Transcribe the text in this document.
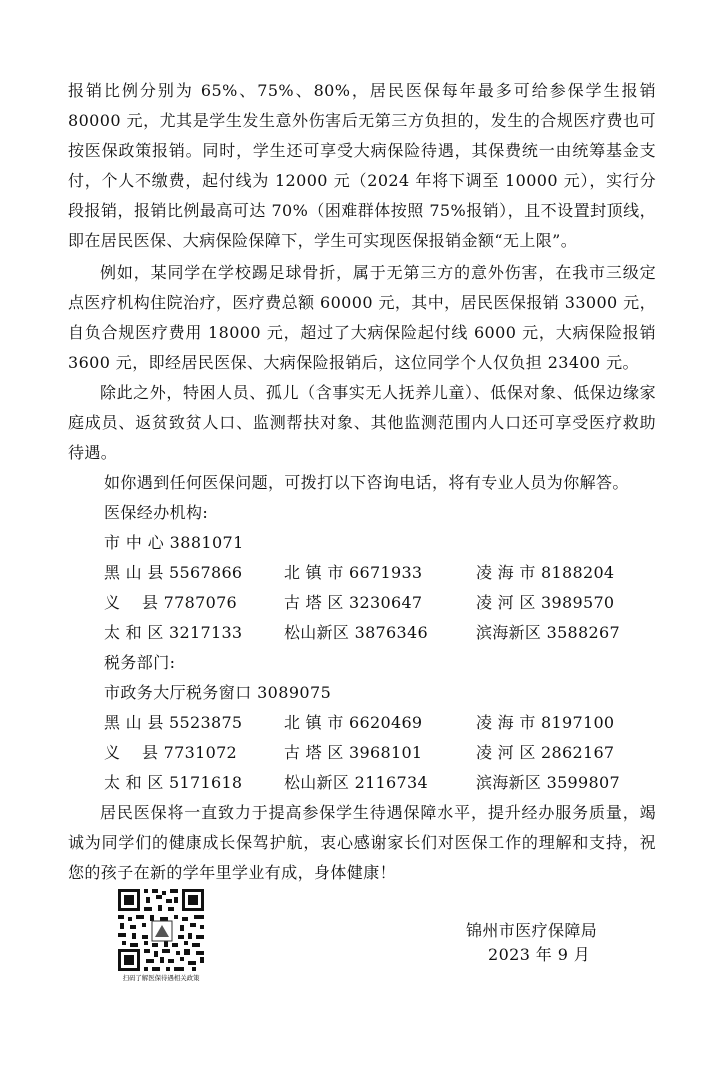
报销比例分别为 65%、75%、80%，居民医保每年最多可给参保学生报销 80000 元，尤其是学生发生意外伤害后无第三方负担的，发生的合规医疗费也可按医保政策报销。同时，学生还可享受大病保险待遇，其保费统一由统筹基金支付，个人不缴费，起付线为 12000 元（2024 年将下调至 10000 元），实行分段报销，报销比例最高可达 70%（困难群体按照 75%报销），且不设置封顶线，即在居民医保、大病保险保障下，学生可实现医保报销金额“无上限”。

例如，某同学在学校踢足球骨折，属于无第三方的意外伤害，在我市三级定点医疗机构住院治疗，医疗费总额 60000 元，其中，居民医保报销 33000 元，自负合规医疗费用 18000 元，超过了大病保险起付线 6000 元，大病保险报销 3600 元，即经居民医保、大病保险报销后，这位同学个人仅负担 23400 元。

除此之外，特困人员、孤儿（含事实无人抚养儿童）、低保对象、低保边缘家庭成员、返贫致贫人口、监测帮扶对象、其他监测范围内人口还可享受医疗救助待遇。

如你遇到任何医保问题，可拨打以下咨询电话，将有专业人员为你解答。

医保经办机构:

市 中 心 3881071

黑 山 县 5567866	北 镇 市 6671933	凌 海 市 8188204
义　 县 7787076	古 塔 区 3230647	凌 河 区 3989570
太 和 区 3217133	松山新区 3876346	滨海新区 3588267

税务部门:

市政务大厅税务窗口 3089075

黑 山 县 5523875	北 镇 市 6620469	凌 海 市 8197100
义　 县 7731072	古 塔 区 3968101	凌 河 区 2862167
太 和 区 5171618	松山新区 2116734	滨海新区 3599807

居民医保将一直致力于提高参保学生待遇保障水平，提升经办服务质量，竭诚为同学们的健康成长保驾护航，衷心感谢家长们对医保工作的理解和支持，祝您的孩子在新的学年里学业有成，身体健康！

扫码了解医保待遇相关政策
锦州市医疗保障局
2023 年 9 月
